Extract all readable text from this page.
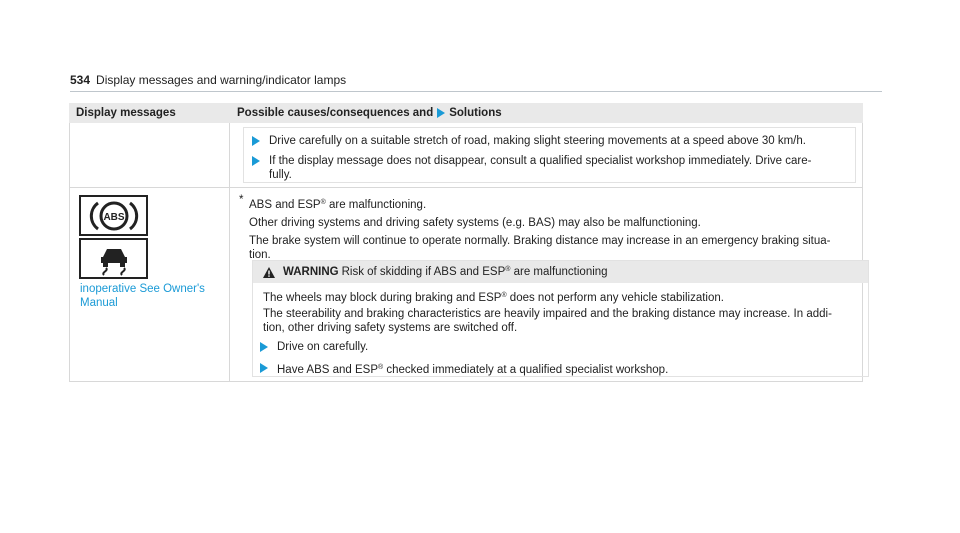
534 Display messages and warning/indicator lamps
Display messages	Possible causes/consequences and Solutions
Drive carefully on a suitable stretch of road, making slight steering movements at a speed above 30 km/h.
If the display message does not disappear, consult a qualified specialist workshop immediately. Drive care-
fully.
ABS
inoperative See Owner's
Manual
* ABS and ESP® are malfunctioning.
Other driving systems and driving safety systems (e.g. BAS) may also be malfunctioning.
The brake system will continue to operate normally. Braking distance may increase in an emergency braking situa-
tion.
WARNING Risk of skidding if ABS and ESP® are malfunctioning
The wheels may block during braking and ESP® does not perform any vehicle stabilization.
The steerability and braking characteristics are heavily impaired and the braking distance may increase. In addi-
tion, other driving safety systems are switched off.
Drive on carefully.
Have ABS and ESP® checked immediately at a qualified specialist workshop.
